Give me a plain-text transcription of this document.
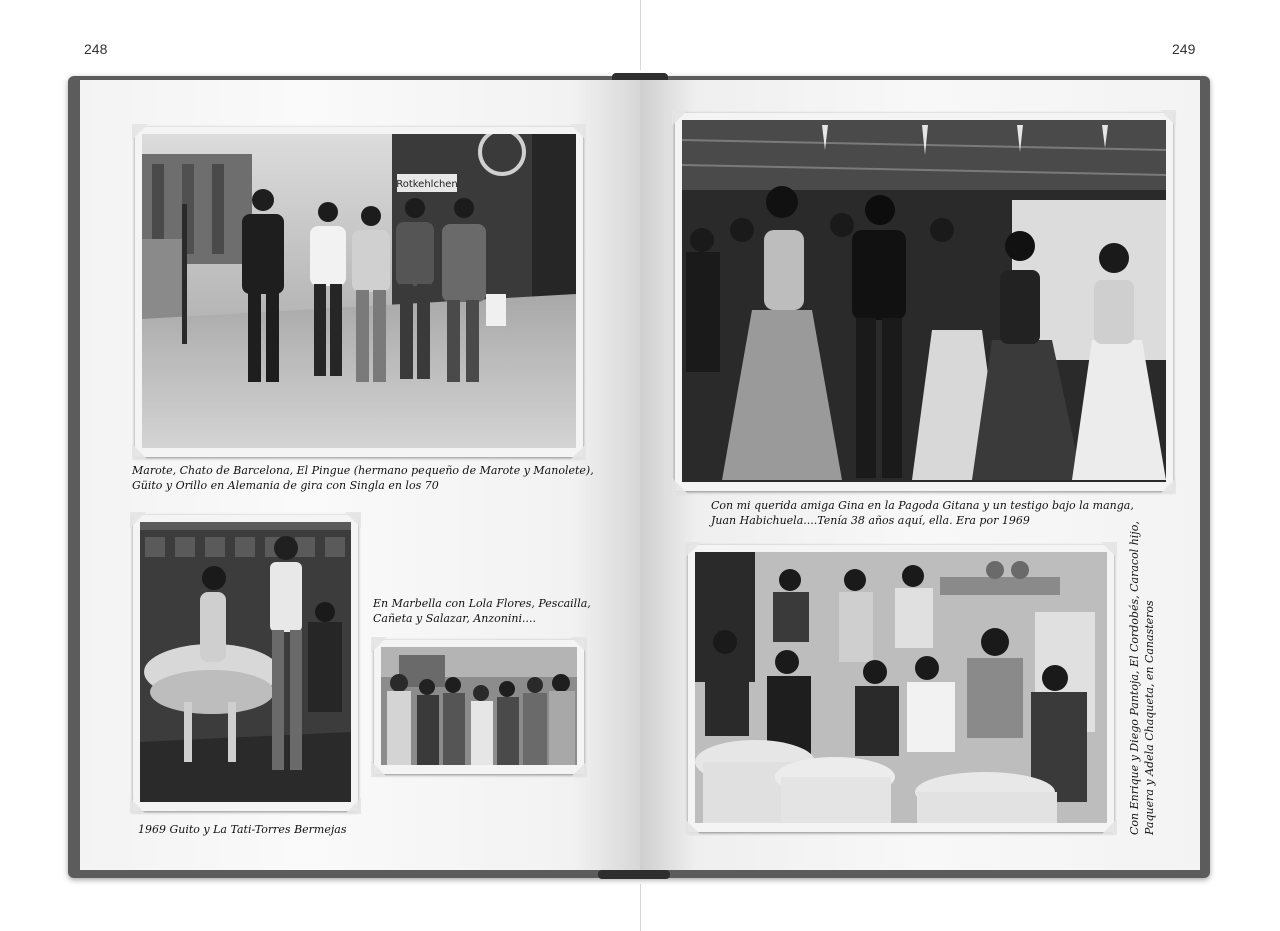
248	249
Rotkehlchen
Marote, Chato de Barcelona, El Pingue (hermano pequeño de Marote y Manolete),
Güito y Orillo en Alemania de gira con Singla en los 70
1969 Guito y La Tati-Torres Bermejas
En Marbella con Lola Flores, Pescailla,
Cañeta y Salazar, Anzonini....
Con mi querida amiga Gina en la Pagoda Gitana y un testigo bajo la manga,
Juan Habichuela....Tenía 38 años aquí, ella. Era por 1969
Con Enrique y Diego Pantoja, El Cordobés, Caracol hijo, Paquera y Adela Chaqueta, en Canasteros
